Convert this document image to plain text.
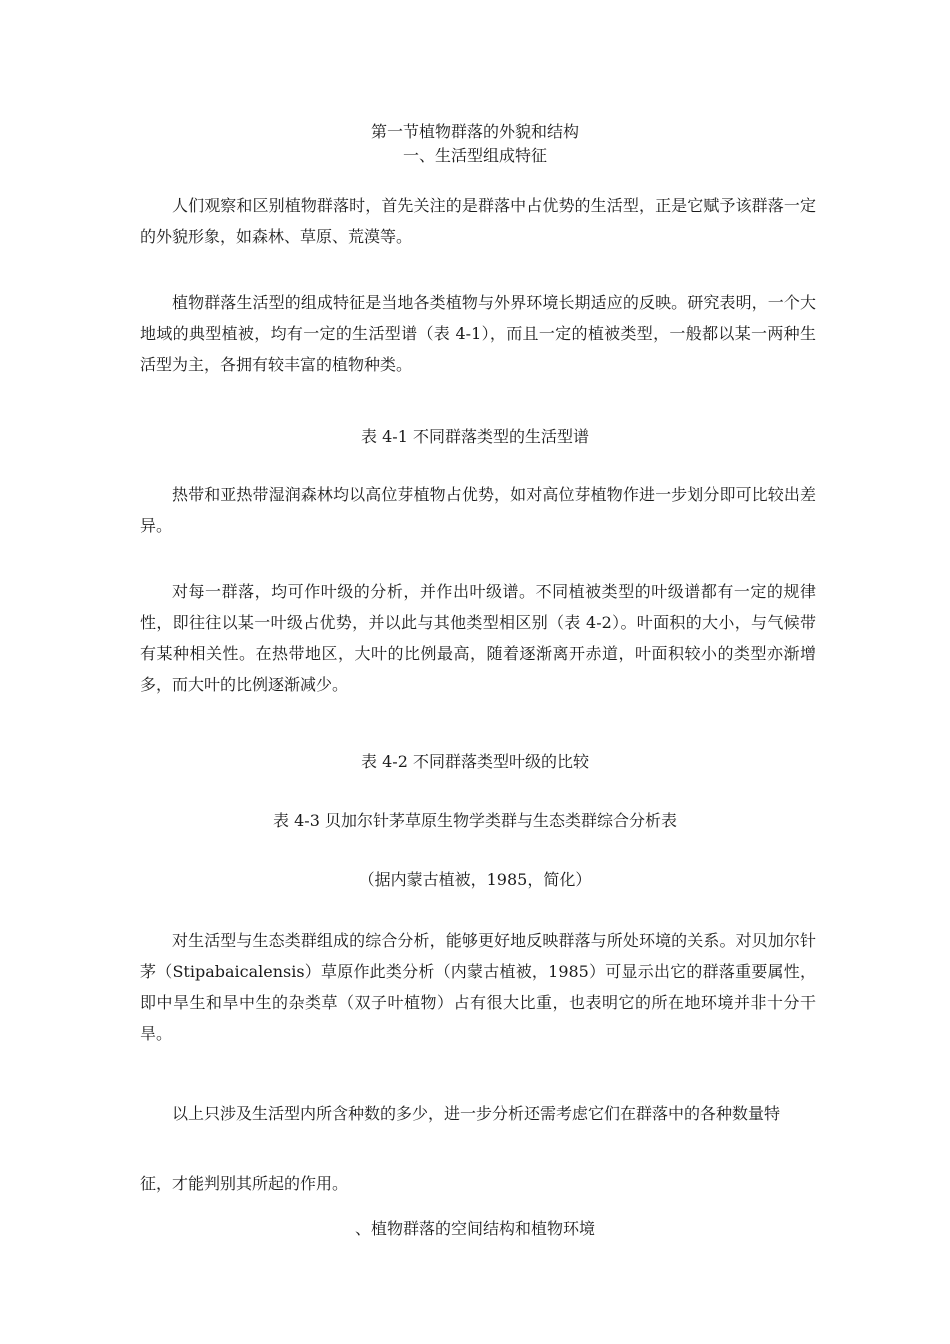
第一节植物群落的外貌和结构
一、生活型组成特征
人们观察和区别植物群落时，首先关注的是群落中占优势的生活型，正是它赋予该群落一定的外貌形象，如森林、草原、荒漠等。
植物群落生活型的组成特征是当地各类植物与外界环境长期适应的反映。研究表明，一个大地域的典型植被，均有一定的生活型谱（表 4-1），而且一定的植被类型，一般都以某一两种生活型为主，各拥有较丰富的植物种类。
表 4-1 不同群落类型的生活型谱
热带和亚热带湿润森林均以高位芽植物占优势，如对高位芽植物作进一步划分即可比较出差异。
对每一群落，均可作叶级的分析，并作出叶级谱。不同植被类型的叶级谱都有一定的规律性，即往往以某一叶级占优势，并以此与其他类型相区别（表 4-2）。叶面积的大小，与气候带有某种相关性。在热带地区，大叶的比例最高，随着逐渐离开赤道，叶面积较小的类型亦渐增多，而大叶的比例逐渐减少。
表 4-2 不同群落类型叶级的比较
表 4-3 贝加尔针茅草原生物学类群与生态类群综合分析表
（据内蒙古植被，1985，简化）
对生活型与生态类群组成的综合分析，能够更好地反映群落与所处环境的关系。对贝加尔针茅（Stipabaicalensis）草原作此类分析（内蒙古植被，1985）可显示出它的群落重要属性，即中旱生和旱中生的杂类草（双子叶植物）占有很大比重，也表明它的所在地环境并非十分干旱。
以上只涉及生活型内所含种数的多少，进一步分析还需考虑它们在群落中的各种数量特
征，才能判别其所起的作用。
、植物群落的空间结构和植物环境
